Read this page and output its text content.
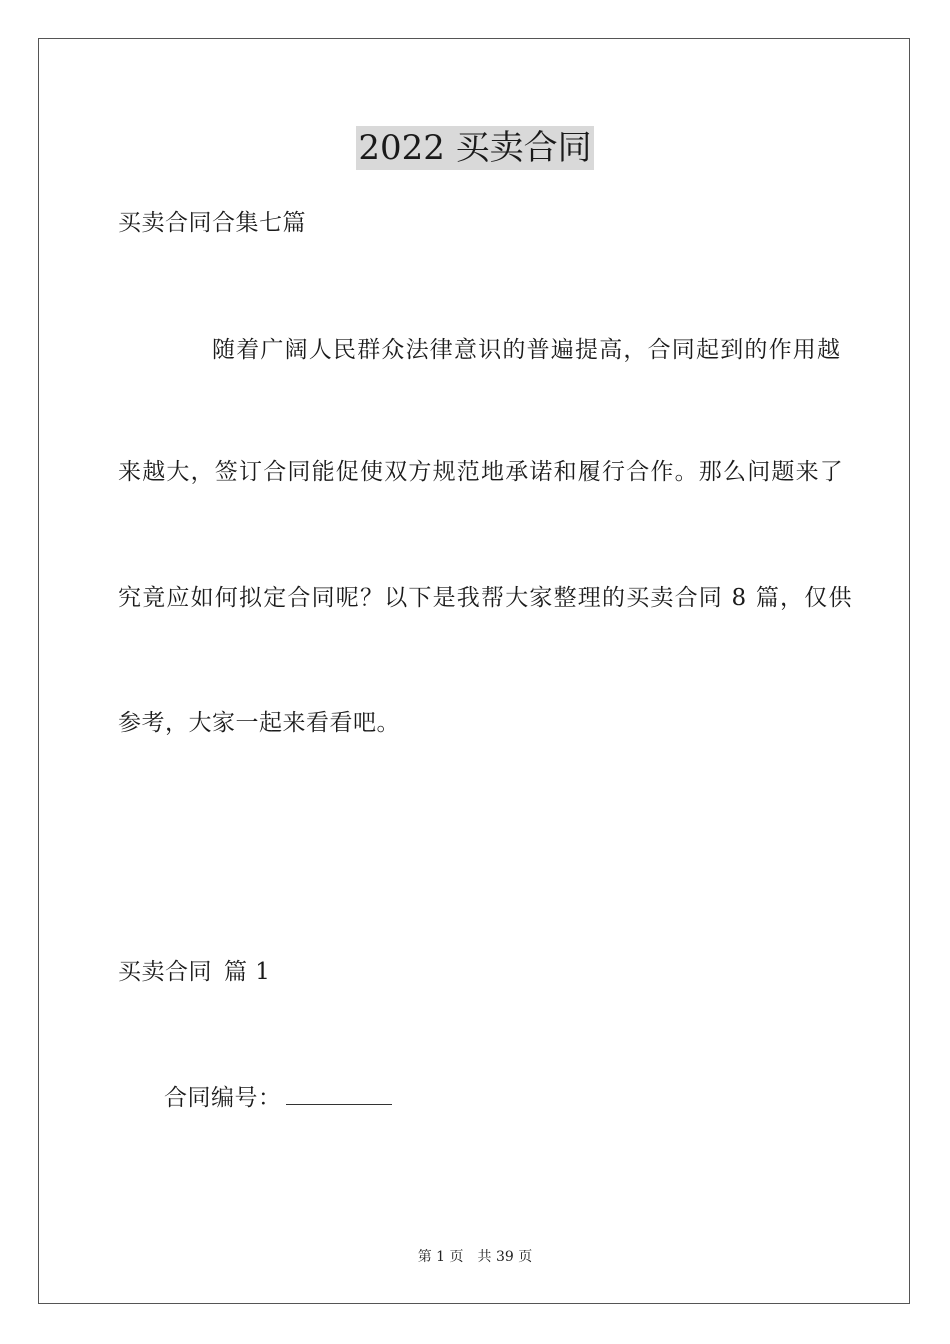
2022 买卖合同
买卖合同合集七篇
随着广阔人民群众法律意识的普遍提高，合同起到的作用越
来越大，签订合同能促使双方规范地承诺和履行合作。那么问题来了
究竟应如何拟定合同呢？以下是我帮大家整理的买卖合同 8 篇，仅供
参考，大家一起来看看吧。
买卖合同 篇 1
合同编号：
第 1 页 共 39 页
